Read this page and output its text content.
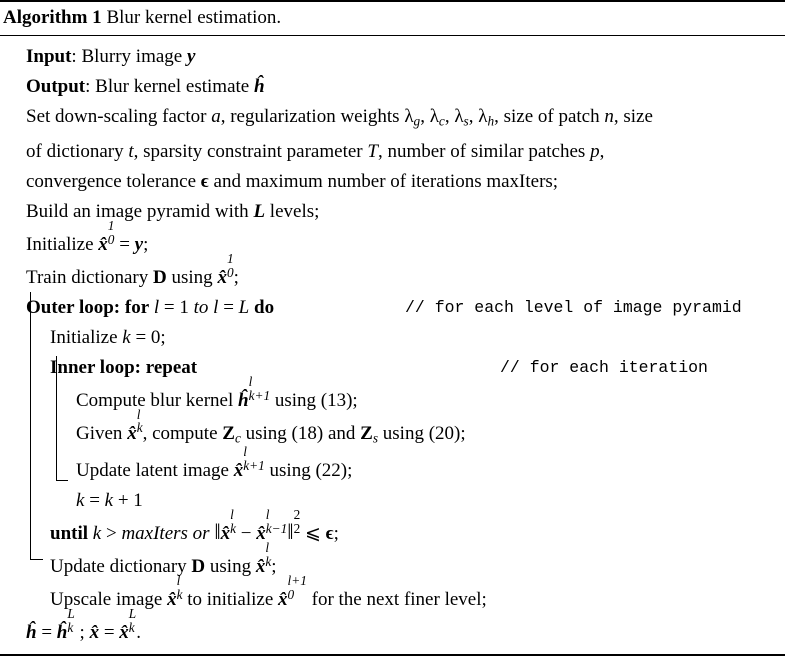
Algorithm 1 Blur kernel estimation.
Input: Blurry image y
Output: Blur kernel estimate h
Set down-scaling factor a, regularization weights $\lambda_g$, $\lambda_c$, $\lambda_s$, $\lambda_h$, size of patch n, size
of dictionary t, sparsity constraint parameter T, number of similar patches p,
convergence tolerance ϵ and maximum number of iterations maxIters;
Build an image pyramid with L levels;
Initialize x
1
0 = y;
Train dictionary D using x
1
0 ;
Outer loop: for l = 1 to l = L do	// for each level of image pyramid
Initialize k = 0;
Inner loop: repeat	// for each iteration
Compute blur kernel h
l
k+1 using (13);
Given x
l
k , compute $Z_c$ using (18) and $Z_s$ using (20);
Update latent image x
l
k+1 using (22);
k = k + 1
until k > maxIters or ‖x
l
k − x
l
k−1 ‖
2
2 ⩽ ϵ;
Update dictionary D using x
l
k ;
Upscale image x
l
k to initialize x
l+1
0 for the next finer level;
h = h
L
k ; x = x
L
k .
